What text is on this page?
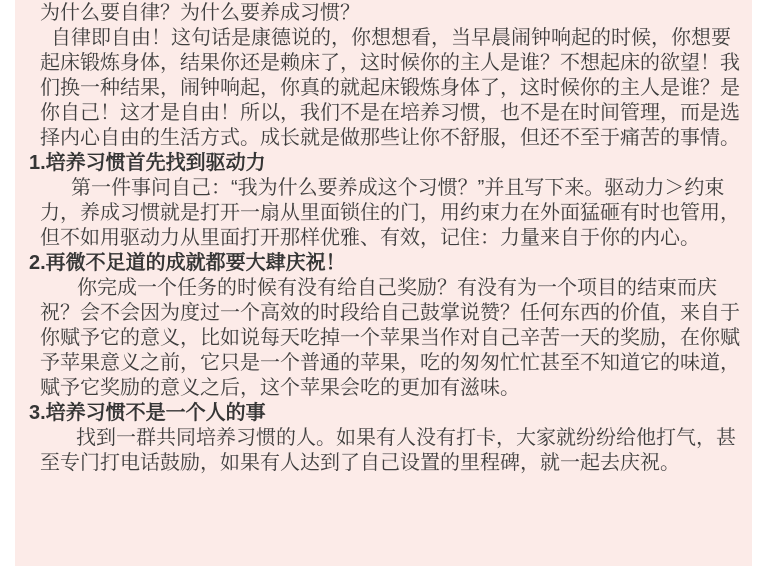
为什么要自律？为什么要养成习惯？
自律即自由！这句话是康德说的，你想想看，当早晨闹钟响起的时候，你想要
起床锻炼身体，结果你还是赖床了，这时候你的主人是谁？不想起床的欲望！我
们换一种结果，闹钟响起，你真的就起床锻炼身体了，这时候你的主人是谁？是
你自己！这才是自由！所以，我们不是在培养习惯，也不是在时间管理，而是选
择内心自由的生活方式。成长就是做那些让你不舒服，但还不至于痛苦的事情。
1.培养习惯首先找到驱动力
第一件事问自己：“我为什么要养成这个习惯？”并且写下来。驱动力＞约束
力，养成习惯就是打开一扇从里面锁住的门，用约束力在外面猛砸有时也管用，
但不如用驱动力从里面打开那样优雅、有效，记住：力量来自于你的内心。
2.再微不足道的成就都要大肆庆祝！
你完成一个任务的时候有没有给自己奖励？有没有为一个项目的结束而庆
祝？会不会因为度过一个高效的时段给自己鼓掌说赞？任何东西的价值，来自于
你赋予它的意义，比如说每天吃掉一个苹果当作对自己辛苦一天的奖励，在你赋
予苹果意义之前，它只是一个普通的苹果，吃的匆匆忙忙甚至不知道它的味道，
赋予它奖励的意义之后，这个苹果会吃的更加有滋味。
3.培养习惯不是一个人的事
找到一群共同培养习惯的人。如果有人没有打卡，大家就纷纷给他打气，甚
至专门打电话鼓励，如果有人达到了自己设置的里程碑，就一起去庆祝。
